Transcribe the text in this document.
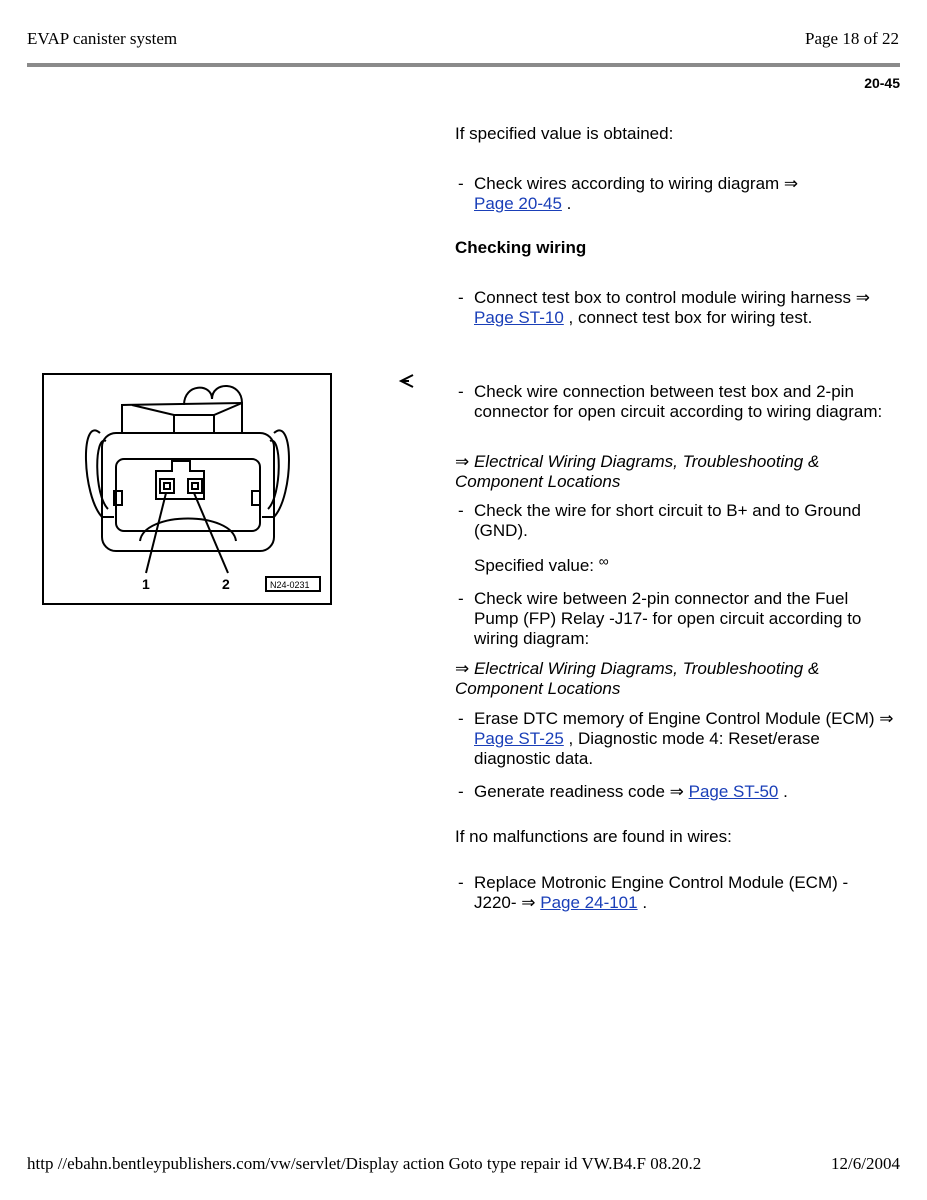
EVAP canister system	Page 18 of 22
20-45
If specified value is obtained:
- Check wires according to wiring diagram ⇒
Page 20-45 .
Checking wiring
- Connect test box to control module wiring harness ⇒ Page ST-10 , connect test box for wiring test.
- Check wire connection between test box and 2-pin connector for open circuit according to wiring diagram:
⇒ Electrical Wiring Diagrams, Troubleshooting & Component Locations
- Check the wire for short circuit to B+ and to Ground (GND).
Specified value: ∞
- Check wire between 2-pin connector and the Fuel Pump (FP) Relay -J17- for open circuit according to wiring diagram:
⇒ Electrical Wiring Diagrams, Troubleshooting & Component Locations
- Erase DTC memory of Engine Control Module (ECM) ⇒ Page ST-25 , Diagnostic mode 4: Reset/erase diagnostic data.
- Generate readiness code ⇒ Page ST-50 .
If no malfunctions are found in wires:
- Replace Motronic Engine Control Module (ECM) - J220- ⇒ Page 24-101 .
1	2	N24-0231
http //ebahn.bentleypublishers.com/vw/servlet/Display action Goto type repair id VW.B4.F 08.20.2	12/6/2004
